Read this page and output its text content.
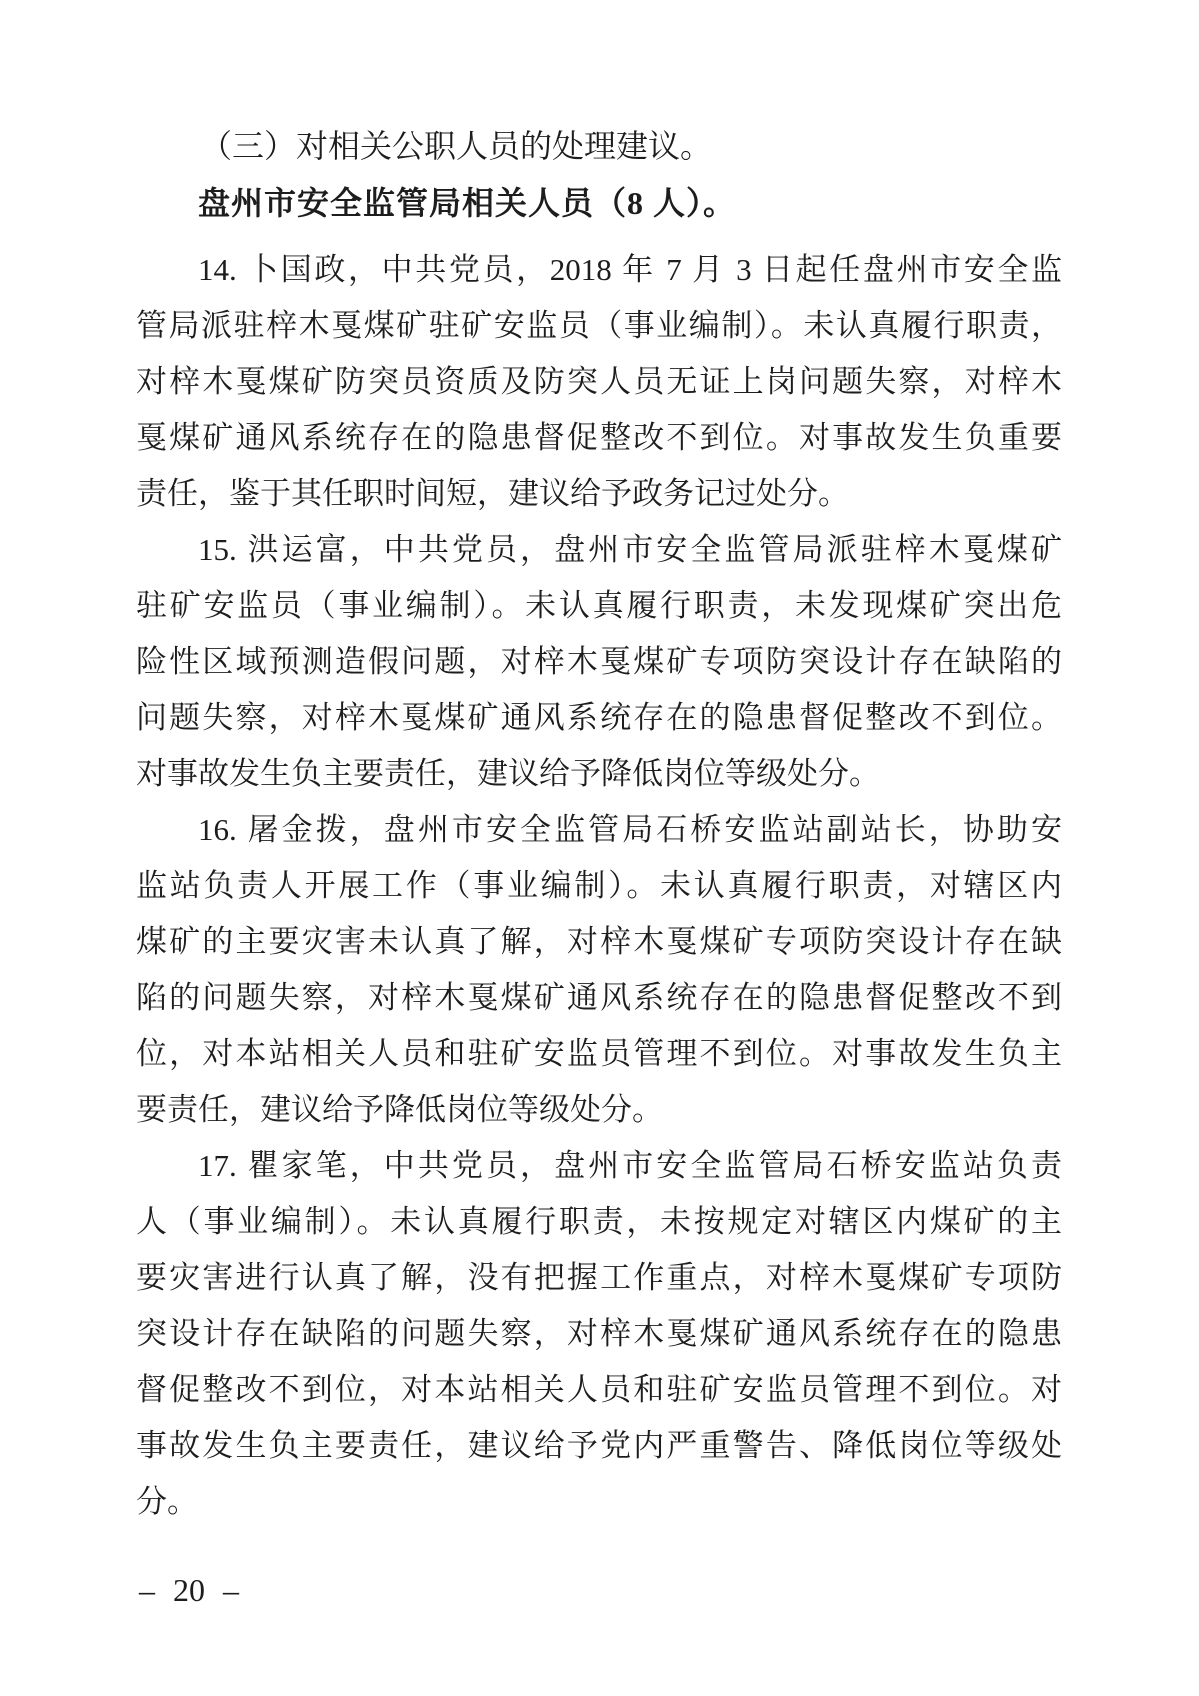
（三）对相关公职人员的处理建议。
盘州市安全监管局相关人员（8 人）。
14. 卜国政，中共党员，2018 年 7 月 3 日起任盘州市安全监
管局派驻梓木戛煤矿驻矿安监员（事业编制）。未认真履行职责，
对梓木戛煤矿防突员资质及防突人员无证上岗问题失察，对梓木
戛煤矿通风系统存在的隐患督促整改不到位。对事故发生负重要
责任，鉴于其任职时间短，建议给予政务记过处分。
15. 洪运富，中共党员，盘州市安全监管局派驻梓木戛煤矿
驻矿安监员（事业编制）。未认真履行职责，未发现煤矿突出危
险性区域预测造假问题，对梓木戛煤矿专项防突设计存在缺陷的
问题失察，对梓木戛煤矿通风系统存在的隐患督促整改不到位。
对事故发生负主要责任，建议给予降低岗位等级处分。
16. 屠金拨，盘州市安全监管局石桥安监站副站长，协助安
监站负责人开展工作（事业编制）。未认真履行职责，对辖区内
煤矿的主要灾害未认真了解，对梓木戛煤矿专项防突设计存在缺
陷的问题失察，对梓木戛煤矿通风系统存在的隐患督促整改不到
位，对本站相关人员和驻矿安监员管理不到位。对事故发生负主
要责任，建议给予降低岗位等级处分。
17. 瞿家笔，中共党员，盘州市安全监管局石桥安监站负责
人（事业编制）。未认真履行职责，未按规定对辖区内煤矿的主
要灾害进行认真了解，没有把握工作重点，对梓木戛煤矿专项防
突设计存在缺陷的问题失察，对梓木戛煤矿通风系统存在的隐患
督促整改不到位，对本站相关人员和驻矿安监员管理不到位。对
事故发生负主要责任，建议给予党内严重警告、降低岗位等级处
分。
– 20 –
